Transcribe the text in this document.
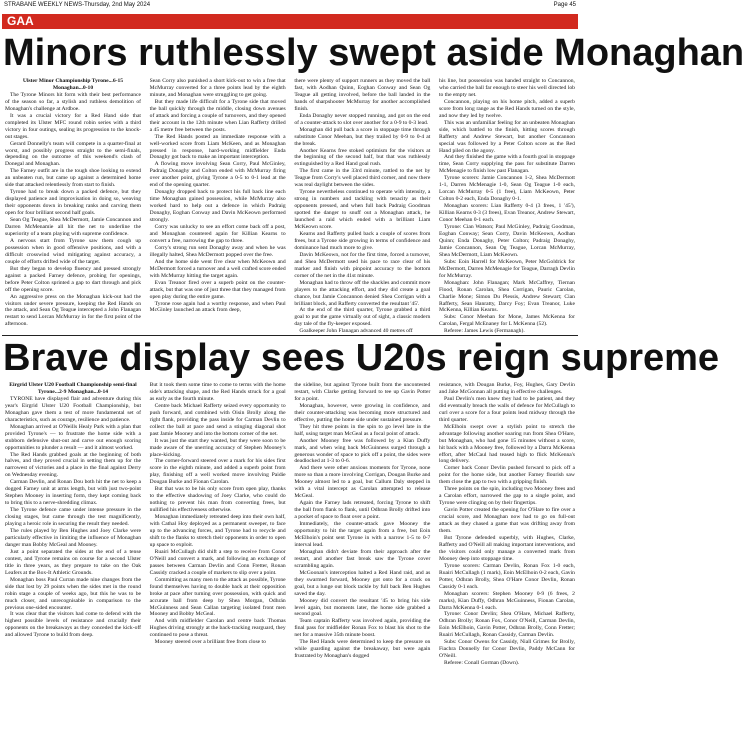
STRABANE WEEKLY NEWS-Thursday, 2nd May 2024	Page 45
GAA
Minors ruthlessly swept aside Monaghan

Ulster Minor Championship Tyrone...6-15 Monaghan...0-10

The Tyrone Minors hit form with their best performance of the season so far, a stylish and ruthless demolition of Monaghan's challenge at Ardboe.

It was a crucial victory for a Red Hand side that completed its Ulster MFC round robin series with a third victory in four outings, sealing its progression to the knock-out stages.

Gerard Donnelly's team will compete in a quarter-final at worst, and possibly progress straight to the semi-finals, depending on the outcome of this weekend's clash of Donegal and Monaghan.

The Farney outfit are in the tough shoe looking to extend an unbeaten run, but came up against a determined home side that attacked relentlessly from start to finish.

Tyrone had to break down a packed defence, but they displayed patience and improvisation in doing so, weaving their opponents down in breaking ranks and carving them open for four brilliant second half goals.

Sean Og Teague, Shea McDermott, Jamie Concannon and Darren McMenamie all hit the net to underline the superiority of a team playing with supreme confidence.

A nervous start from Tyrone saw them cough up possession when in good offensive positions, and with a difficult crosswind wind mitigating against accuracy, a couple of efforts drifted wide of the target.

But they began to develop fluency and pressed strongly against a packed Farney defence, probing for openings, before Peter Colton sprinted a gap to dart through and pick off the opening score.

An aggressive press on the Monaghan kick-out had the visitors under severe pressure, keeping the Red Hands on the attack, and Sean Og Teague intercepted a John Flanagan restart to send Lorcan McMurray in for the first point of the afternoon.

Sean Corry also punished a short kick-out to win a free that McMurray converted for a three points lead by the eighth minute, and Monaghan were struggling to get going.

But they made life difficult for a Tyrone side that moved the ball quickly through the middle, closing down avenues of attack and forcing a couple of turnovers, and they opened their account in the 12th minute when Lian Rafferty drilled a 45 metre free between the posts.

The Red Hands posted an immediate response with a well-worked score from Liam McKeen, and as Monaghan pressed in response, hard-working midfielder Enda Donaghy got back to make an important interception.

A flowing move involving Sean Corry, Paul McGinley, Padraig Donaghy and Colton ended with McMurray firing over another point, giving Tyrone a 0-5 to 0-1 lead at the end of the opening quarter.

Donaghy dropped back to protect his full back line each time Monaghan gained possession, while McMurray also worked hard to help out a defence in which Padraig Donaghy, Eoghan Conway and Davin McKeown performed strongly.

Corry was unlucky to see an effort come back off a post, and Monaghan countered again for Killian Kearns to convert a free, narrowing the gap to three.

Corry's strong run sent Donaghy away and when he was illegally halted, Shea McDermott popped over the free.

And the home side went five clear when McKeown and McDermott forced a turnover and a well crafted score ended with McMurray hitting the target again.

Evan Treanor fired over a superb point on the counter-attack, but that was one of just three that they managed from open play during the entire game.

Tyrone rose again had a worthy response, and when Paul McGinley launched an attack from deep,

there were plenty of support runners as they moved the ball fast, with Aodhan Quinn, Eoghan Conway and Sean Og Teague all getting involved, before the ball landed in the hands of sharpshooter McMurray for another accomplished finish.

Enda Donaghy never stopped running, and got on the end of a counter-attack to slot over another for a 0-9 to 0-3 lead.

Monaghan did pull back a score in stoppage time through substitute Conor Meehan, but they trailed by 0-9 to 0-4 at the break.

Another Kearns free stoked optimism for the visitors at the beginning of the second half, but that was ruthlessly extinguished by a Red Hand goal rush.

The first came in the 33rd minute, rattled to the net by Teague from Corry's well placed third corner, and now there was real daylight between the sides.

Tyrone nevertheless continued to operate with intensity, a strong in numbers and tackling with tenacity as their opponents pressed, and when full back Padraig Goodman spotted the danger to snuff out a Monaghan attack, he launched a raid which ended with a brilliant Liam McKeown score.

Kearns and Rafferty pulled back a couple of scores from frees, but a Tyrone side growing in terms of confidence and dominance had much more to give.

Davin McKeown, not for the first time, forced a turnover, and Shea McDermott used his pace to race clear of his marker and finish with pinpoint accuracy to the bottom corner of the net in the 41st minute.

Monaghan had to throw off the shackles and commit more players to the attacking effort, and they did create a goal chance, but Jamie Concannon denied Shea Corrigan with a brilliant block, and Rafferty converted the resultant '45'.

At the end of the third quarter, Tyrone grabbed a third goal to put the game virtually out of sight, a classic modern day tale of the fly-keeper exposed.

Goalkeeper John Flanagan advanced 40 metres off

his line, but possession was handed straight to Concannon, who carried the ball far enough to steer his well directed lob to the empty net.

Concannon, playing on his home pitch, added a superb score from long range as the Red Hands turned on the style, and now they led by twelve.

This was an unfamiliar feeling for an unbeaten Monaghan side, which battled to the finish, hitting scores through Rafferty and Andrew Stewart, but another Concannon special was followed by a Peter Colton score as the Red Hand piled on the agony.

And they finished the game with a fourth goal in stoppage time, Sean Corry supplying the pass for substitute Darren McMenagie to finish low past Flanagan.

Tyrone scorers: Jamie Concannon 1-2, Shea McDermott 1-1, Darren McMenagie 1-0, Sean Og Teague 1-0 each, Lorcan McMurray 0-5 (1 free), Liam McKeown, Peter Colton 0-2 each, Enda Donaghy 0-1.

Monaghan scorers: Lian Rafferty 0-4 (3 frees, 1 '45'), Killian Kearns 0-3 (3 frees), Evan Treanor, Andrew Stewart, Conor Meehan 0-1 each.

Tyrone: Cian Watson; Paul McGinley, Padraig Goodman, Eoghan Conway; Sean Corry, Davin McKeown, Aodhan Quinn; Enda Donaghy, Peter Colton; Padraig Donaghy, Jamie Concannon, Sean Og Teague, Lorcan McMurray, Shea McDermott, Liam McKeown.

Subs: Eoin Harrell for McKeown, Peter McGoldrick for McDermott, Darren McMenagie for Teague, Darragh Devlin for McMurray.

Monaghan: John Flanagan; Mark McCaffrey, Tiernan Flood, Ronan Carolan, Shea Corrigan, Pauric Carolan, Charlie Mone; Simon Du Plessis, Andrew Stewart; Cian Rafferty, Sean Hanratty, Darcy Foy; Evan Treanor, Luke McKenna, Killian Kearns.

Subs: Conor Meehan for Mone, James McKenna for Carolan, Fergal McEnaney for L McKenna (52).

Referee: James Lewis (Fermanagh).

Brave display sees U20s reign supreme

Eirgrid Ulster U20 Football Championship semi-final Tyrone...2-9 Monaghan...0-14

TYRONE have displayed flair and adventure during this year's Eirgrid Ulster U20 Football Championship, but Monaghan gave them a test of more fundamental set of characteristics, such as courage, resilience and patience.

Monaghan arrived at O'Neills Healy Park with a plan that provided Tyrone's — to frustrate the home side with a stubborn defensive shut-out and carve out enough scoring opportunities to plunder a result — and it almost worked.

The Red Hands grabbed goals at the beginning of both halves, and they proved crucial in setting them up for the narrowest of victories and a place in the final against Derry on Wednesday evening.

Carman Devlin, and Ronan Dou both hit the net to keep a dogged Farney unit at arms length, but with just two-point Stephen Mooney in inserting form, they kept coming back to bring this to a nerve-shredding climax.

The Tyrone defence came under intense pressure in the closing stages, but came through the test magnificently, playing a heroic role in securing the result they needed.

The rules played by Ben Hughes and Joey Clarke were particularly effective in limiting the influence of Monaghan danger man Bobby McGeal and Mooney.

Just a point separated the sides at the end of a tense contest, and Tyrone remains on course for a second Ulster title in three years, as they prepare to take on the Oak Leafers at the Box-It Athletic Grounds.

Monaghan boss Paul Curran made nine changes from the side that lost by 29 points when the sides met in the round robin stage a couple of weeks ago, but this he was to be much closer, and unrecognisable in comparison to the previous one-sided encounter.

It was clear that the visitors had come to defend with the highest possible levels of resistance and crucially their opponents on the breakaways as they conceded the kick-off and allowed Tyrone to build from deep.

But it took them some time to come to terms with the home side's attacking shape, and the Red Hands struck for a goal as early as the fourth minute.

Centre back Michael Rafferty seized every opportunity to push forward, and combined with Oisin Brolly along the right flank, providing the pass inside for Carman Devlin to collect the ball at pace and send a stinging diagonal shot past Jamie Mooney and into the bottom corner of the net.

It was just the start they wanted, but they were soon to be made aware of the unerring accuracy of Stephen Mooney's place-kicking.

The corner-forward steered over a mark for his sides first score in the eighth minute, and added a superb point from play, finishing off a well worked move involving Paidie Dougan Burke and Fionan Carolan.

But that was to be his only score from open play, thanks to the effective shadowing of Joey Clarke, who could do nothing to prevent his man from converting frees, but nullified his effectiveness otherwise.

Monaghan immediately retreated deep into their own half, with Cathal Hoy deployed as a permanent sweeper, to face up to the advancing forces, and Tyrone had to recycle and shift to the flanks to stretch their opponents in order to open up space to exploit.

Ruairi McCullagh did shift a step to receive from Conor O'Neill and convert a mark, and following an exchange of passes between Carman Devlin and Conn Fretter, Ronan Cassidy cracked a couple of markers to slip over a point.

Committing as many men to the attack as possible, Tyrone found themselves having to double back at their opposition broke at pace after turning over possession, with quick and accurate ball from deep by Shea Morgan, Odhrán McGuinness and Sean Callan targeting isolated front men Mooney and Bobby McGeal.

And with midfielder Carolan and centre back Thomas Hughes driving strongly at the back-tracking rearguard, they continued to pose a threat.

Mooney steered over a brilliant free from close to

the sideline, but against Tyrone built from the uncontested restart, with Clarke getting forward to tee up Gavin Potter for a point.

Monaghan, however, were growing in confidence, and their counter-attacking was becoming more structured and effective, putting the home side under sustained pressure.

They hit three points in the spin to go level late in the half, using target man McGeal as a focal point of attack.

Another Mooney free was followed by a Kian Duffy mark, and when wing back McGuinness surged through a generous wonder of space to pick off a point, the sides were deadlocked at 1-3 to 0-6.

And there were other anxious moments for Tyrone, none more so than a more involving Corrigan, Dougan Burke and Mooney almost led to a goal, but Callum Daly stepped in with a vital intercept as Carolan attempted to release McGeal.

Again the Farney lads retreated, forcing Tyrone to shift the ball from flank to flank, until Odhran Brolly drifted into a pocket of space to float over a point.

Immediately, the counter-attack gave Mooney the opportunity to hit the target again from a free, but Eoin McElhoin's point sent Tyrone in with a narrow 1-5 to 0-7 interval lead.

Monaghan didn't deviate from their approach after the restart, and another fast break saw the Tyrone cover scrambling again.

McGoonan's interception halted a Red Hand raid, and as they swarmed forward, Mooney got onto for a crack on goal, but a lunge out block tackle by full back Ben Hughes saved the day.

Mooney did convert the resultant '45 to bring his side level again, but moments later, the home side grabbed a second goal.

Team captain Rafferty was involved again, providing the final pass for midfielder Ronan Fox to blast his shot to the net for a massive 35th minute boost.

The Red Hands were determined to keep the pressure on while guarding against the breakaway, but were again frustrated by Monaghan's dogged

resistance, with Dougan Burke, Foy, Hughes, Gary Devlin and Jake McGonnan all putting in effective challenges.

Paul Devlin's men knew they had to be patient, and they did eventually breach the walls of defence for McCullagh to curl over a score for a four points lead midway through the third quarter.

McElhoin swept over a stylish point to stretch the advantage following another soaring run from Shea O'Hare, but Monaghan, who had gone 15 minutes without a score, hit back with a Mooney free, followed by a Darra McKenna effort, after McCaul had teased high to flick McKenna's long delivery.

Corner back Conor Devlin pushed forward to pick off a point for the home side, but another Farney flourish saw them close the gap to two with a gripping finish.

Three points on the spin, including two Mooney frees and a Carolan effort, narrowed the gap to a single point, and Tyrone were clinging on by their fingertips.

Gavin Potter created the opening for O'Hare to fire over a crucial score, and Monaghan now had to go on full-out attack as they chased a game that was drifting away from them.

But Tyrone defended superbly, with Hughes, Clarke, Rafferty and O'Neill all making important interventions, and the visitors could only manage a converted mark from Mooney deep into stoppage time.

Tyrone scorers: Carman Devlin, Ronan Fox 1-0 each, Ruairi McCullagh (1 mark), Eoin McElhoin 0-2 each, Gavin Potter, Odhran Brolly, Shea O'Hare Conor Devlin, Ronan Cassidy 0-1 each.

Monaghan scorers: Stephen Mooney 0-9 (6 frees, 2 marks), Kian Duffy, Odhran McGuinness, Fionan Carolan, Darra McKenna 0-1 each.

Tyrone: Conor Devlin; Shea O'Hare, Michael Rafferty, Odhran Brolly; Ronan Fox, Conor O'Neill, Carman Devlin, Eoin McElhoin, Gavin Potter, Odhran Brolly, Conn Fretter; Ruairi McCullagh, Ronan Cassidy, Carman Devlin.

Subs: Conor Owens for Cassidy, Niall Grimes for Brolly, Fiachra Donnelly for Conor Devlin, Paddy McCann for O'Neill.

Referee: Conall Gorman (Down).
